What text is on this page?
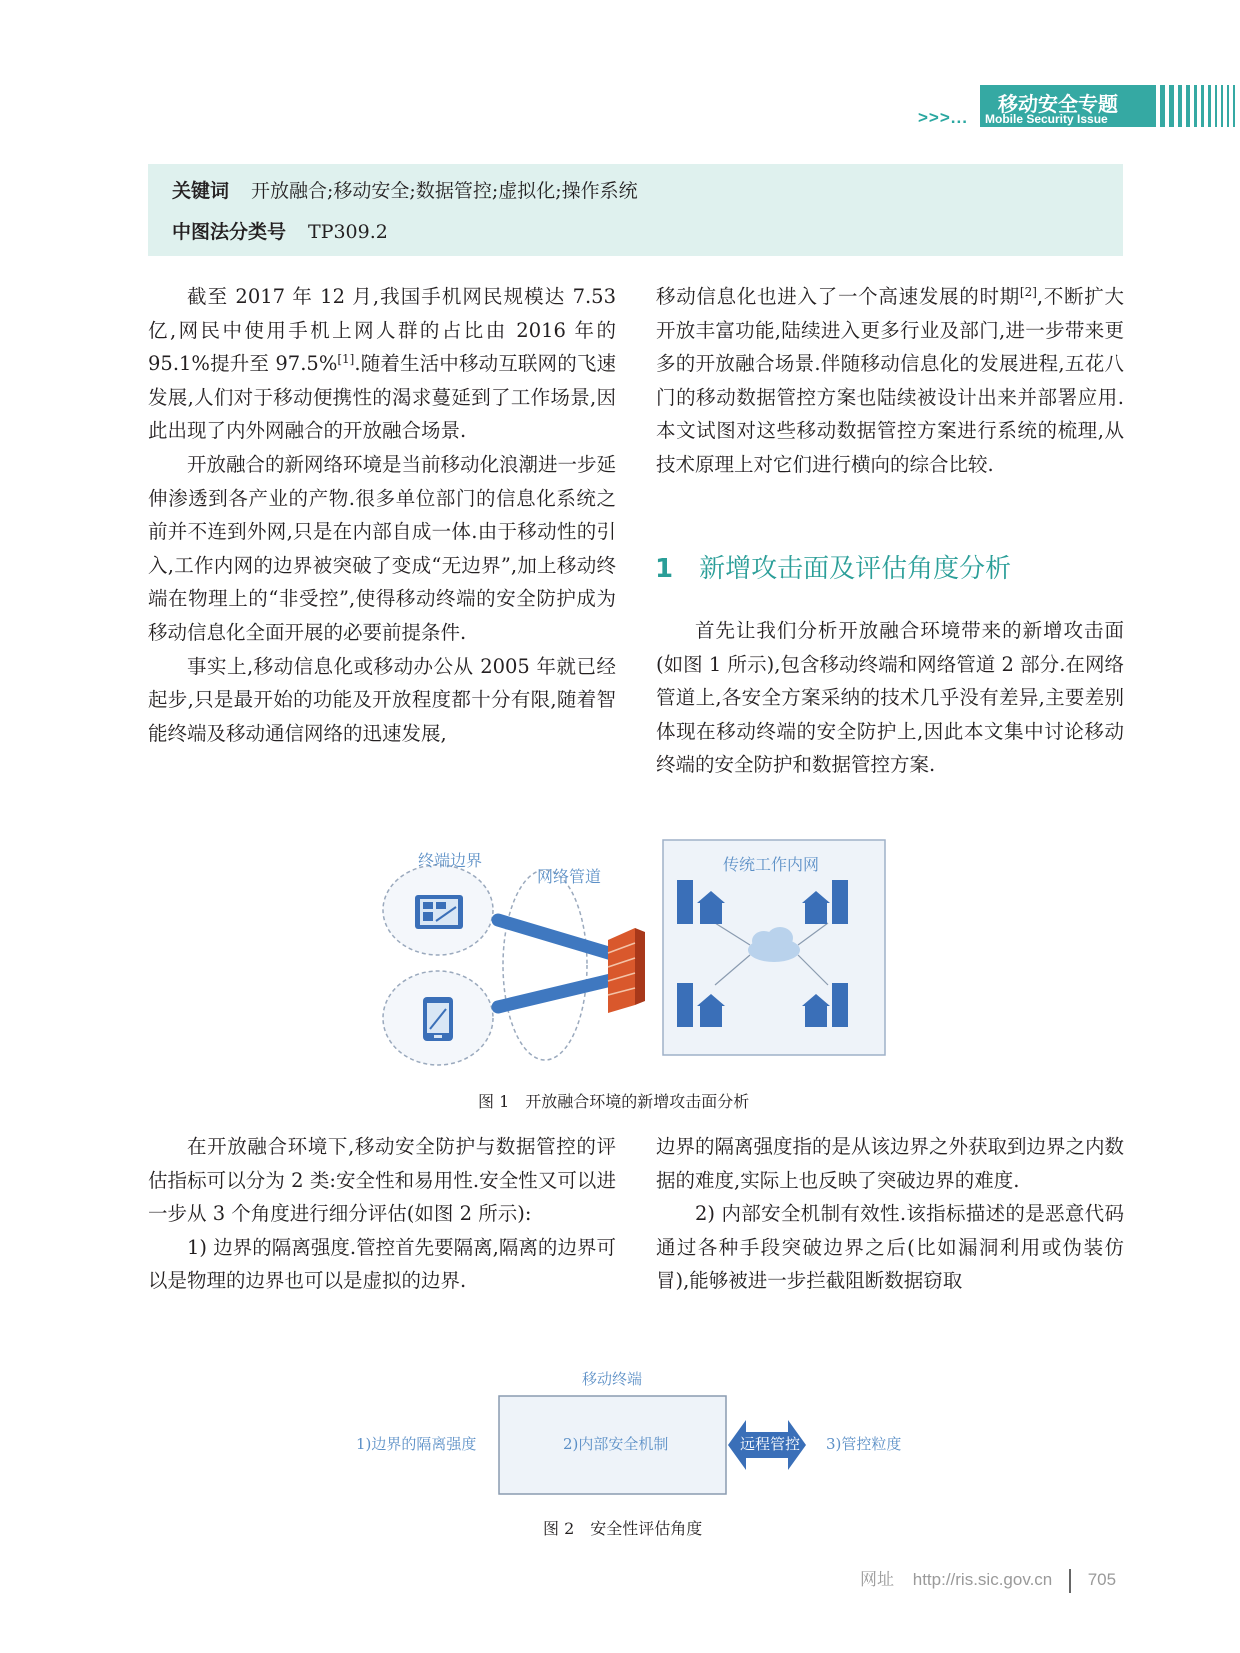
>>>...
移动安全专题
Mobile Security Issue
关键词 开放融合;移动安全;数据管控;虚拟化;操作系统
中图法分类号 TP309.2

截至 2017 年 12 月,我国手机网民规模达 7.53 亿,网民中使用手机上网人群的占比由 2016 年的 95.1%提升至 97.5%[1].随着生活中移动互联网的飞速发展,人们对于移动便携性的渴求蔓延到了工作场景,因此出现了内外网融合的开放融合场景.

开放融合的新网络环境是当前移动化浪潮进一步延伸渗透到各产业的产物.很多单位部门的信息化系统之前并不连到外网,只是在内部自成一体.由于移动性的引入,工作内网的边界被突破了变成“无边界”,加上移动终端在物理上的“非受控”,使得移动终端的安全防护成为移动信息化全面开展的必要前提条件.

事实上,移动信息化或移动办公从 2005 年就已经起步,只是最开始的功能及开放程度都十分有限,随着智能终端及移动通信网络的迅速发展,

移动信息化也进入了一个高速发展的时期[2],不断扩大开放丰富功能,陆续进入更多行业及部门,进一步带来更多的开放融合场景.伴随移动信息化的发展进程,五花八门的移动数据管控方案也陆续被设计出来并部署应用.本文试图对这些移动数据管控方案进行系统的梳理,从技术原理上对它们进行横向的综合比较.

1 新增攻击面及评估角度分析

首先让我们分析开放融合环境带来的新增攻击面(如图 1 所示),包含移动终端和网络管道 2 部分.在网络管道上,各安全方案采纳的技术几乎没有差异,主要差别体现在移动终端的安全防护上,因此本文集中讨论移动终端的安全防护和数据管控方案.

终端边界
网络管道
传统工作内网
图 1 开放融合环境的新增攻击面分析

在开放融合环境下,移动安全防护与数据管控的评估指标可以分为 2 类:安全性和易用性.安全性又可以进一步从 3 个角度进行细分评估(如图 2 所示):

1) 边界的隔离强度.管控首先要隔离,隔离的边界可以是物理的边界也可以是虚拟的边界.

边界的隔离强度指的是从该边界之外获取到边界之内数据的难度,实际上也反映了突破边界的难度.

2) 内部安全机制有效性.该指标描述的是恶意代码通过各种手段突破边界之后(比如漏洞利用或伪装仿冒),能够被进一步拦截阻断数据窃取

移动终端
1)边界的隔离强度	2)内部安全机制	远程管控 3)管控粒度
图 2 安全性评估角度
网址 http://ris.sic.gov.cn 705
